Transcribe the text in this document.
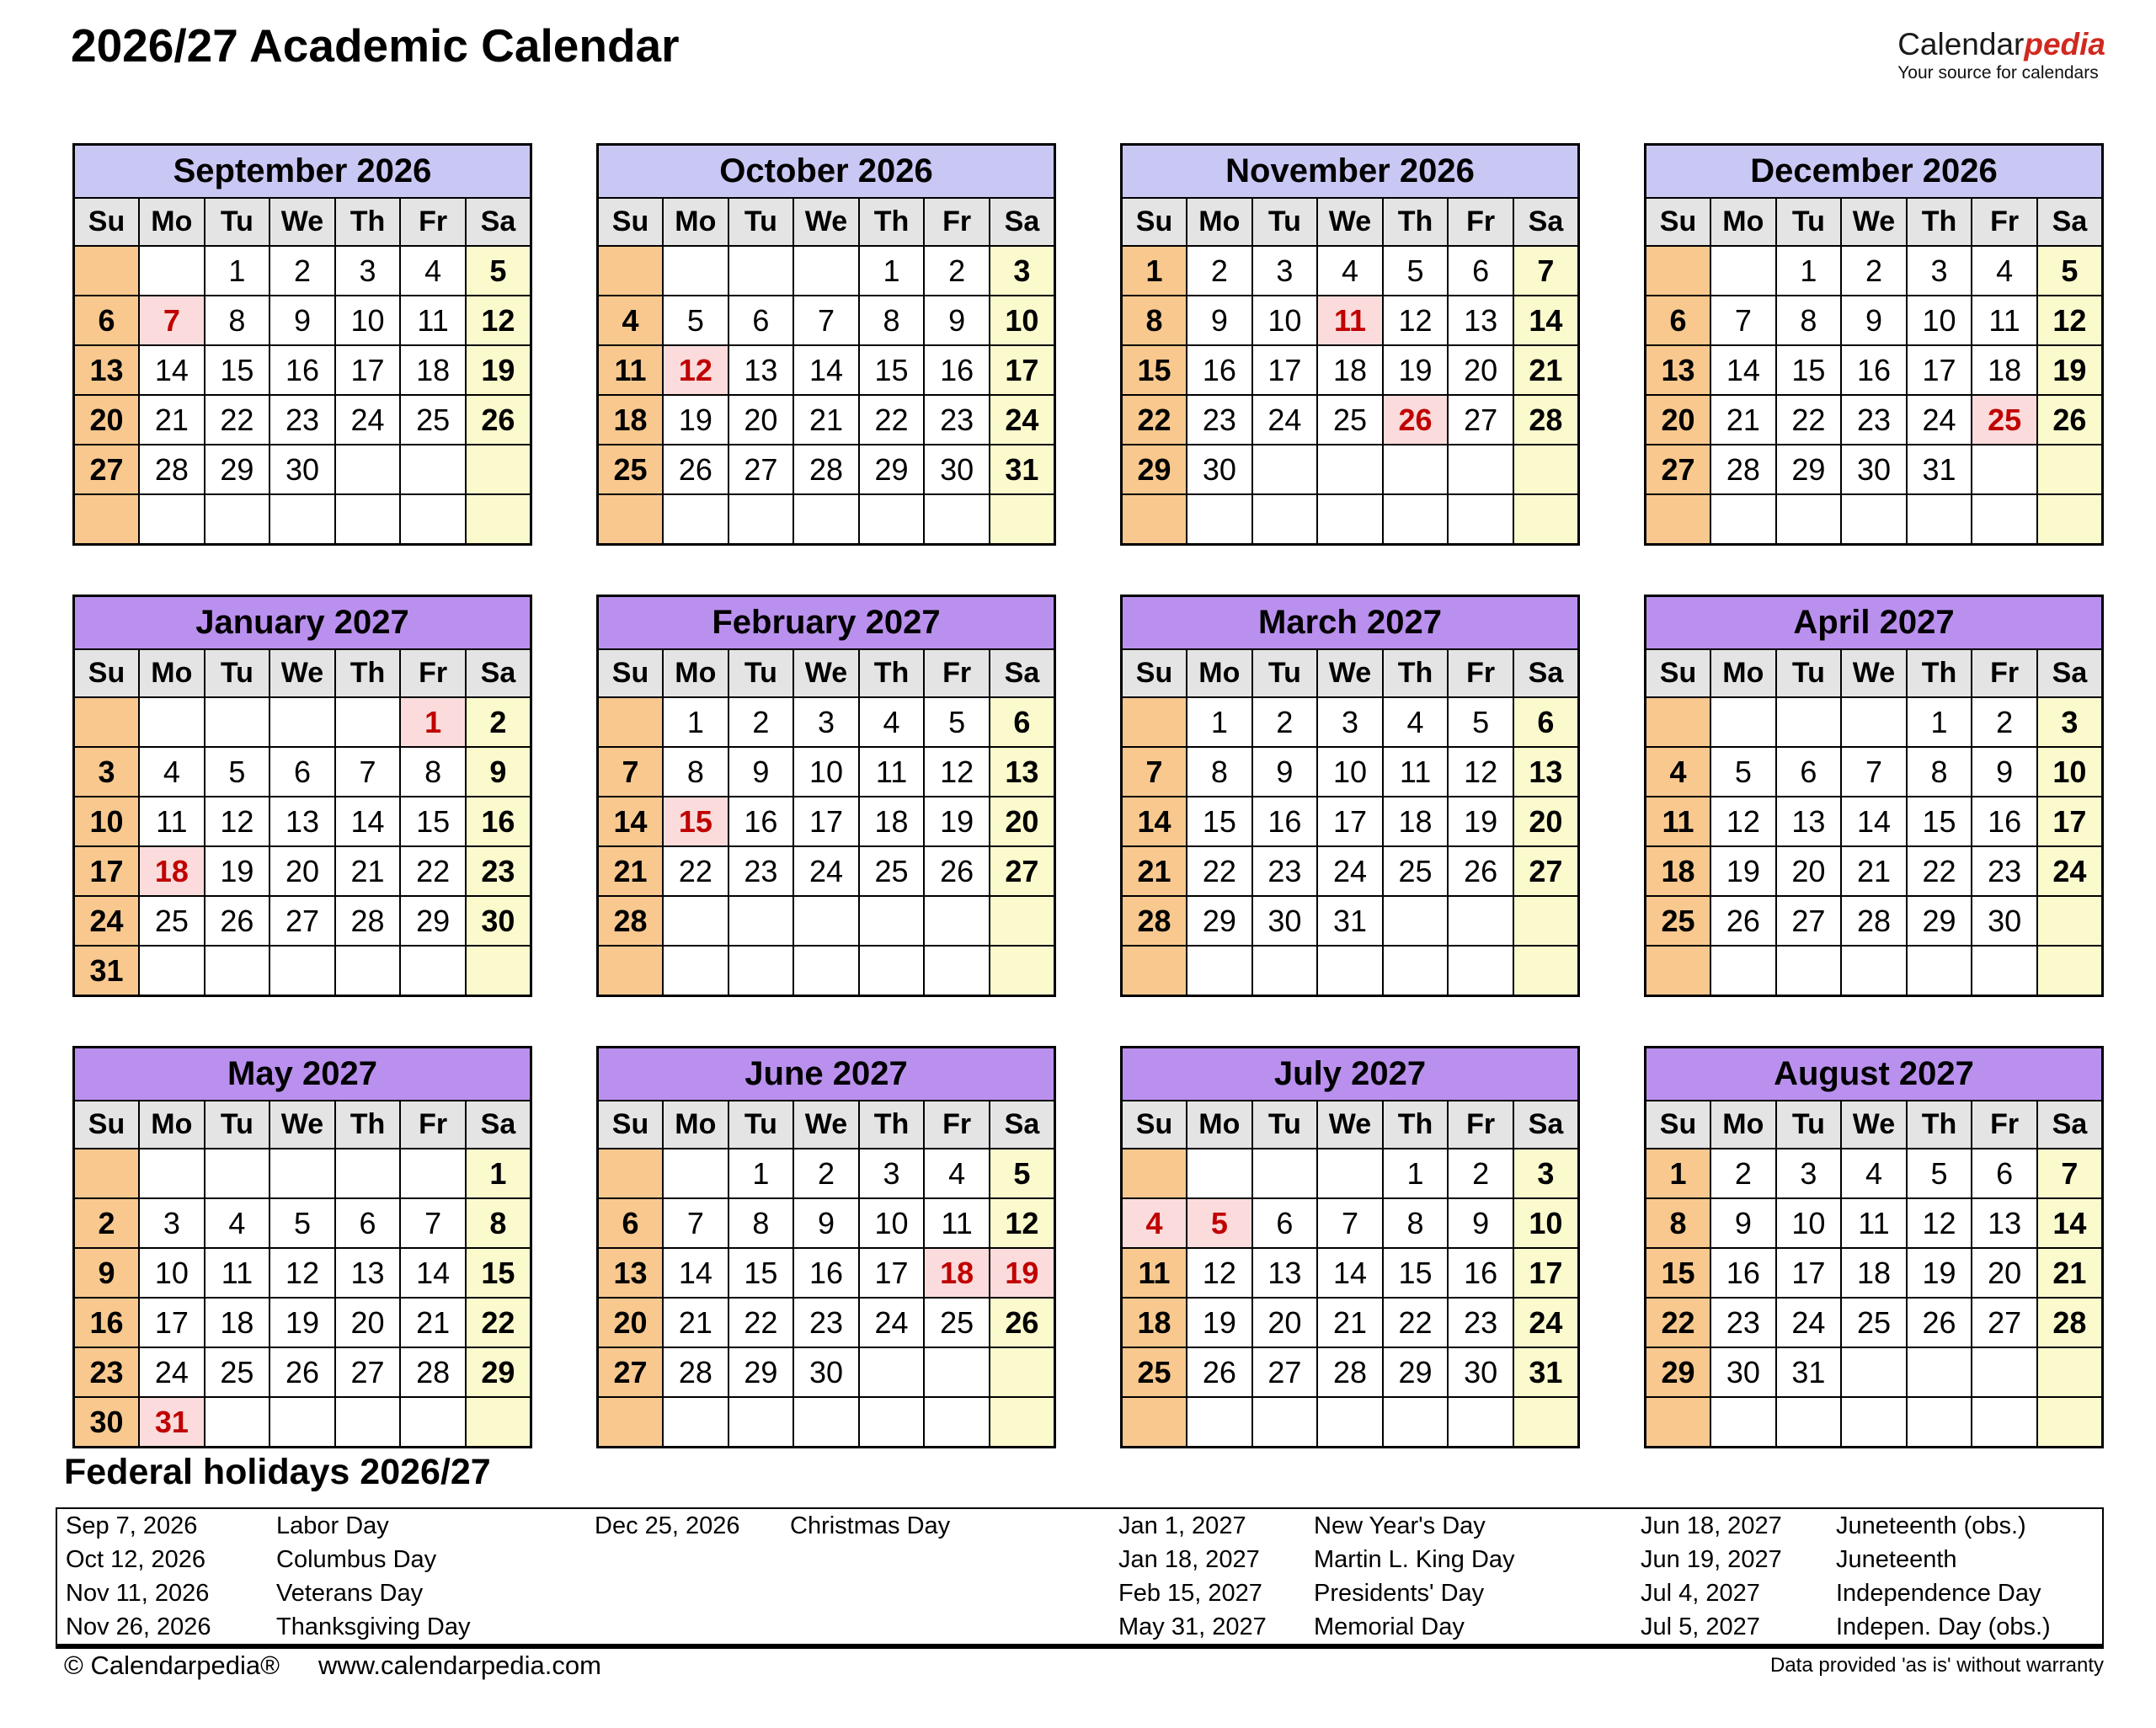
2026/27 Academic Calendar	Calendarpedia
Your source for calendars
September 2026						
Su	Mo	Tu	We	Th	Fr	Sa
		1	2	3	4	5
6	7	8	9	10	11	12
13	14	15	16	17	18	19
20	21	22	23	24	25	26
27	28	29	30			

October 2026						
Su	Mo	Tu	We	Th	Fr	Sa
				1	2	3
4	5	6	7	8	9	10
11	12	13	14	15	16	17
18	19	20	21	22	23	24
25	26	27	28	29	30	31

November 2026						
Su	Mo	Tu	We	Th	Fr	Sa
1	2	3	4	5	6	7
8	9	10	11	12	13	14
15	16	17	18	19	20	21
22	23	24	25	26	27	28
29	30					

December 2026						
Su	Mo	Tu	We	Th	Fr	Sa
		1	2	3	4	5
6	7	8	9	10	11	12
13	14	15	16	17	18	19
20	21	22	23	24	25	26
27	28	29	30	31		

January 2027						
Su	Mo	Tu	We	Th	Fr	Sa
					1	2
3	4	5	6	7	8	9
10	11	12	13	14	15	16
17	18	19	20	21	22	23
24	25	26	27	28	29	30
31						
February 2027						
Su	Mo	Tu	We	Th	Fr	Sa
	1	2	3	4	5	6
7	8	9	10	11	12	13
14	15	16	17	18	19	20
21	22	23	24	25	26	27
28						

March 2027						
Su	Mo	Tu	We	Th	Fr	Sa
	1	2	3	4	5	6
7	8	9	10	11	12	13
14	15	16	17	18	19	20
21	22	23	24	25	26	27
28	29	30	31			

April 2027						
Su	Mo	Tu	We	Th	Fr	Sa
				1	2	3
4	5	6	7	8	9	10
11	12	13	14	15	16	17
18	19	20	21	22	23	24
25	26	27	28	29	30	

May 2027						
Su	Mo	Tu	We	Th	Fr	Sa
						1
2	3	4	5	6	7	8
9	10	11	12	13	14	15
16	17	18	19	20	21	22
23	24	25	26	27	28	29
30	31					
June 2027						
Su	Mo	Tu	We	Th	Fr	Sa
		1	2	3	4	5
6	7	8	9	10	11	12
13	14	15	16	17	18	19
20	21	22	23	24	25	26
27	28	29	30			

July 2027						
Su	Mo	Tu	We	Th	Fr	Sa
				1	2	3
4	5	6	7	8	9	10
11	12	13	14	15	16	17
18	19	20	21	22	23	24
25	26	27	28	29	30	31

August 2027						
Su	Mo	Tu	We	Th	Fr	Sa
1	2	3	4	5	6	7
8	9	10	11	12	13	14
15	16	17	18	19	20	21
22	23	24	25	26	27	28
29	30	31				

Federal holidays 2026/27
Sep 7, 2026	Labor Day	Dec 25, 2026	Christmas Day	Jan 1, 2027	New Year's Day	Jun 18, 2027	Juneteenth (obs.)
Oct 12, 2026	Columbus Day			Jan 18, 2027	Martin L. King Day	Jun 19, 2027	Juneteenth
Nov 11, 2026	Veterans Day			Feb 15, 2027	Presidents' Day	Jul 4, 2027	Independence Day
Nov 26, 2026	Thanksgiving Day			May 31, 2027	Memorial Day	Jul 5, 2027	Indepen. Day (obs.)
© Calendarpedia® www.calendarpedia.com	Data provided 'as is' without warranty
